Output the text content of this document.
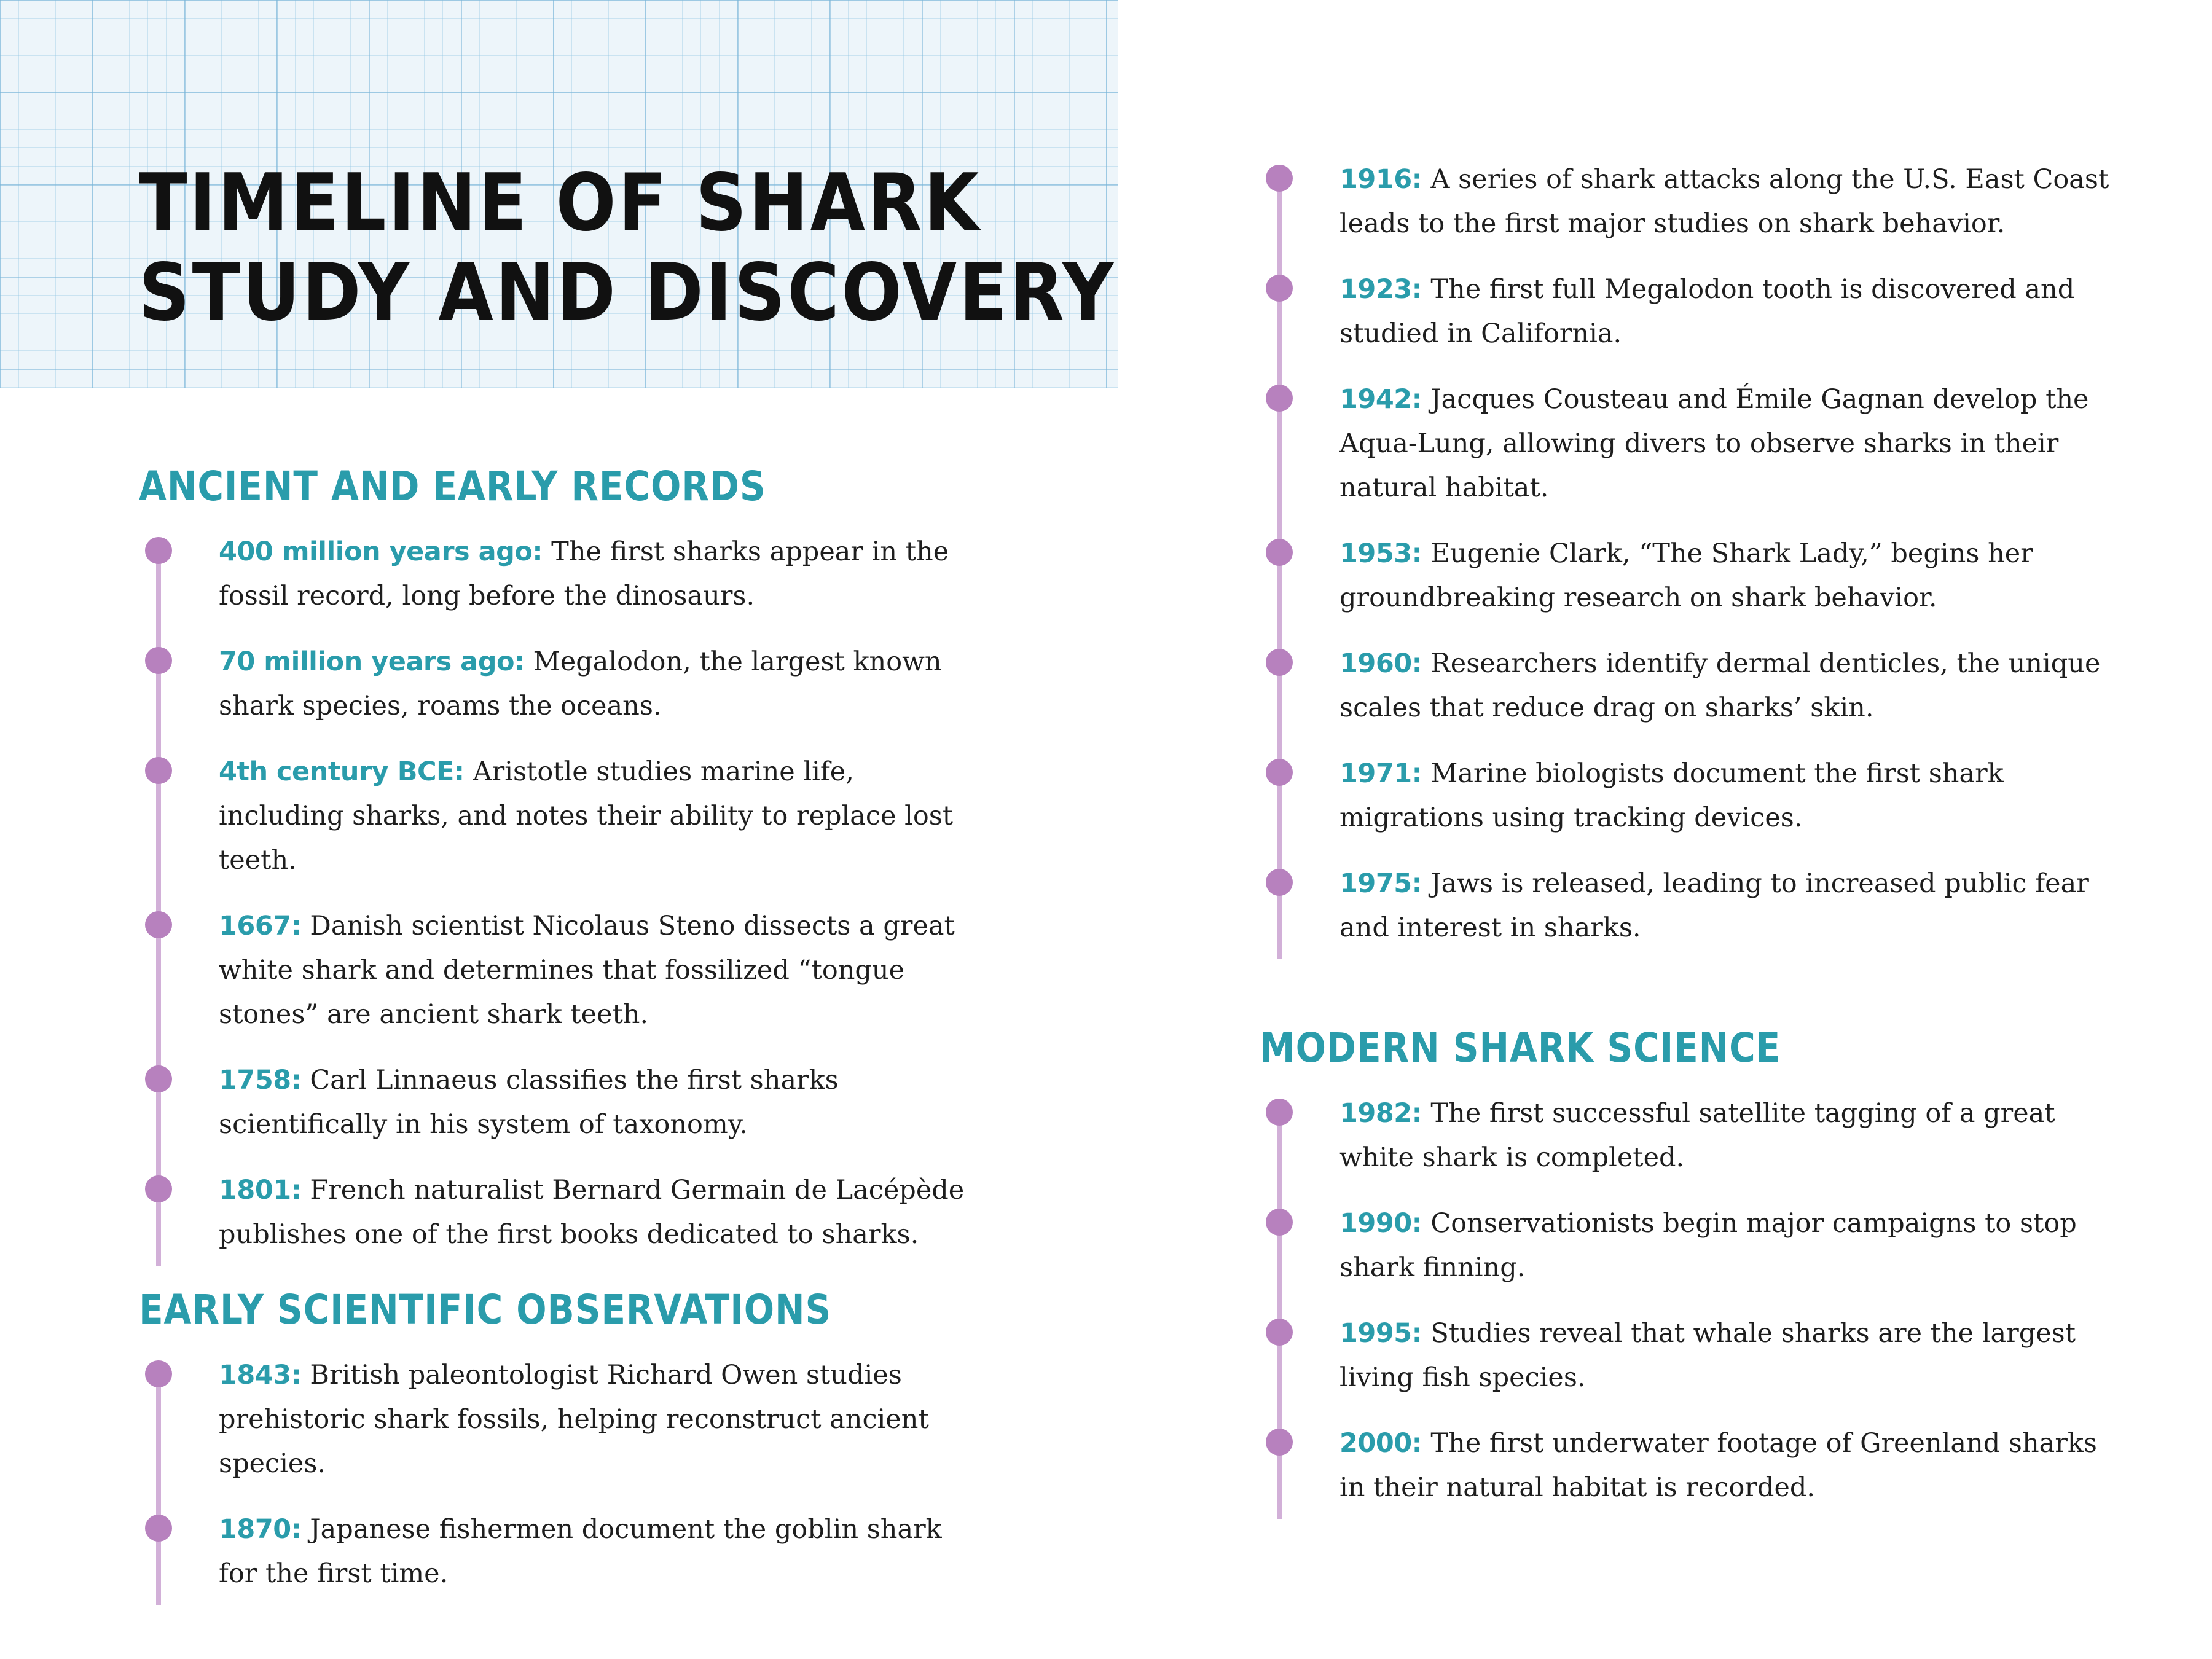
TIMELINE OF SHARK
STUDY AND DISCOVERY
ANCIENT AND EARLY RECORDS

400 million years ago: The first sharks appear in the fossil record, long before the dinosaurs.

70 million years ago: Megalodon, the largest known shark species, roams the oceans.

4th century BCE: Aristotle studies marine life, including sharks, and notes their ability to replace lost teeth.

1667: Danish scientist Nicolaus Steno dissects a great white shark and determines that fossilized “tongue stones” are ancient shark teeth.

1758: Carl Linnaeus classifies the first sharks scientifically in his system of taxonomy.

1801: French naturalist Bernard Germain de Lacépède publishes one of the first books dedicated to sharks.

EARLY SCIENTIFIC OBSERVATIONS

1843: British paleontologist Richard Owen studies prehistoric shark fossils, helping reconstruct ancient species.

1870: Japanese fishermen document the goblin shark for the first time.

1916: A series of shark attacks along the U.S. East Coast leads to the first major studies on shark behavior.

1923: The first full Megalodon tooth is discovered and studied in California.

1942: Jacques Cousteau and Émile Gagnan develop the Aqua-Lung, allowing divers to observe sharks in their natural habitat.

1953: Eugenie Clark, “The Shark Lady,” begins her groundbreaking research on shark behavior.

1960: Researchers identify dermal denticles, the unique scales that reduce drag on sharks’ skin.

1971: Marine biologists document the first shark migrations using tracking devices.

1975: Jaws is released, leading to increased public fear and interest in sharks.

MODERN SHARK SCIENCE

1982: The first successful satellite tagging of a great white shark is completed.

1990: Conservationists begin major campaigns to stop shark finning.

1995: Studies reveal that whale sharks are the largest living fish species.

2000: The first underwater footage of Greenland sharks in their natural habitat is recorded.
